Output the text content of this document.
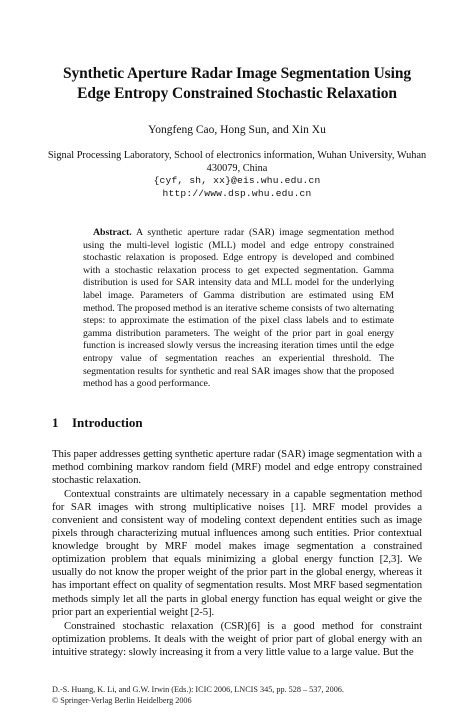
Synthetic Aperture Radar Image Segmentation Using
Edge Entropy Constrained Stochastic Relaxation
Yongfeng Cao, Hong Sun, and Xin Xu
Signal Processing Laboratory, School of electronics information, Wuhan University, Wuhan
430079, China
{cyf, sh, xx}@eis.whu.edu.cn
http://www.dsp.whu.edu.cn
Abstract. A synthetic aperture radar (SAR) image segmentation method using the multi-level logistic (MLL) model and edge entropy constrained stochastic relaxation is proposed. Edge entropy is developed and combined with a stochastic relaxation process to get expected segmentation. Gamma distribution is used for SAR intensity data and MLL model for the underlying label image. Parameters of Gamma distribution are estimated using EM method. The proposed method is an iterative scheme consists of two alternating steps: to approximate the estimation of the pixel class labels and to estimate gamma distribution parameters. The weight of the prior part in goal energy function is increased slowly versus the increasing iteration times until the edge entropy value of segmentation reaches an experiential threshold. The segmentation results for synthetic and real SAR images show that the proposed method has a good performance.
1 Introduction

This paper addresses getting synthetic aperture radar (SAR) image segmentation with a method combining markov random field (MRF) model and edge entropy constrained stochastic relaxation.

Contextual constraints are ultimately necessary in a capable segmentation method for SAR images with strong multiplicative noises [1]. MRF model provides a convenient and consistent way of modeling context dependent entities such as image pixels through characterizing mutual influences among such entities. Prior contextual knowledge brought by MRF model makes image segmentation a constrained optimization problem that equals minimizing a global energy function [2,3]. We usually do not know the proper weight of the prior part in the global energy, whereas it has important effect on quality of segmentation results. Most MRF based segmentation methods simply let all the parts in global energy function has equal weight or give the prior part an experiential weight [2-5].

Constrained stochastic relaxation (CSR)[6] is a good method for constraint optimization problems. It deals with the weight of prior part of global energy with an intuitive strategy: slowly increasing it from a very little value to a large value. But the

D.-S. Huang, K. Li, and G.W. Irwin (Eds.): ICIC 2006, LNCIS 345, pp. 528 – 537, 2006.
© Springer-Verlag Berlin Heidelberg 2006
